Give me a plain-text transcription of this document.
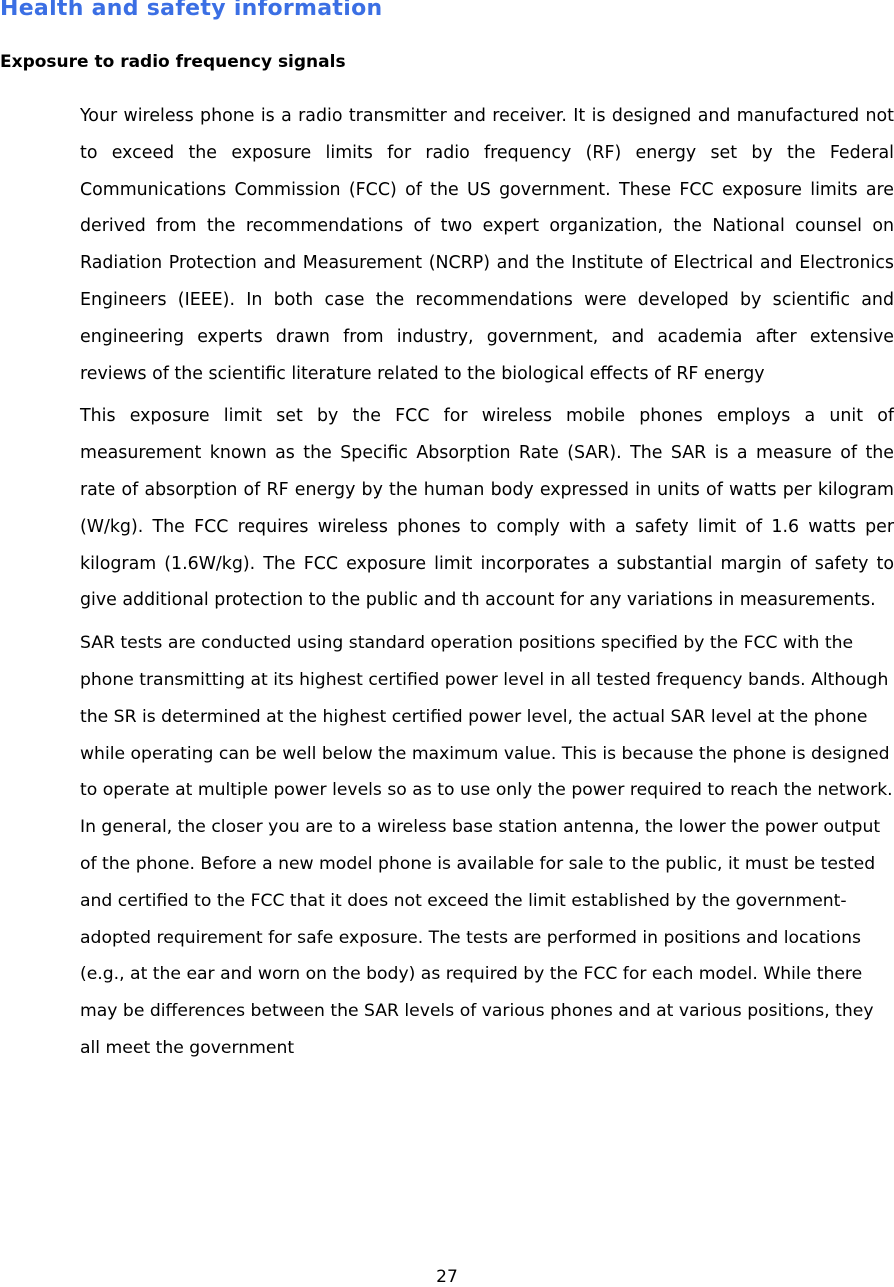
Health and safety information
Exposure to radio frequency signals

Your wireless phone is a radio transmitter and receiver. It is designed and manufactured not to exceed the exposure limits for radio frequency (RF) energy set by the Federal Communications Commission (FCC) of the US government. These FCC exposure limits are derived from the recommendations of two expert organization, the National counsel on Radiation Protection and Measurement (NCRP) and the Institute of Electrical and Electronics Engineers (IEEE). In both case the recommendations were developed by scientific and engineering experts drawn from industry, government, and academia after extensive reviews of the scientific literature related to the biological effects of RF energy

This exposure limit set by the FCC for wireless mobile phones employs a unit of measurement known as the Specific Absorption Rate (SAR). The SAR is a measure of the rate of absorption of RF energy by the human body expressed in units of watts per kilogram (W/kg). The FCC requires wireless phones to comply with a safety limit of 1.6 watts per kilogram (1.6W/kg). The FCC exposure limit incorporates a substantial margin of safety to give additional protection to the public and th account for any variations in measurements.

SAR tests are conducted using standard operation positions specified by the FCC with the phone transmitting at its highest certified power level in all tested frequency bands. Although the SR is determined at the highest certified power level, the actual SAR level at the phone while operating can be well below the maximum value. This is because the phone is designed to operate at multiple power levels so as to use only the power required to reach the network. In general, the closer you are to a wireless base station antenna, the lower the power output of the phone. Before a new model phone is available for sale to the public, it must be tested and certified to the FCC that it does not exceed the limit established by the government-adopted requirement for safe exposure. The tests are performed in positions and locations (e.g., at the ear and worn on the body) as required by the FCC for each model. While there may be differences between the SAR levels of various phones and at various positions, they all meet the government

27
